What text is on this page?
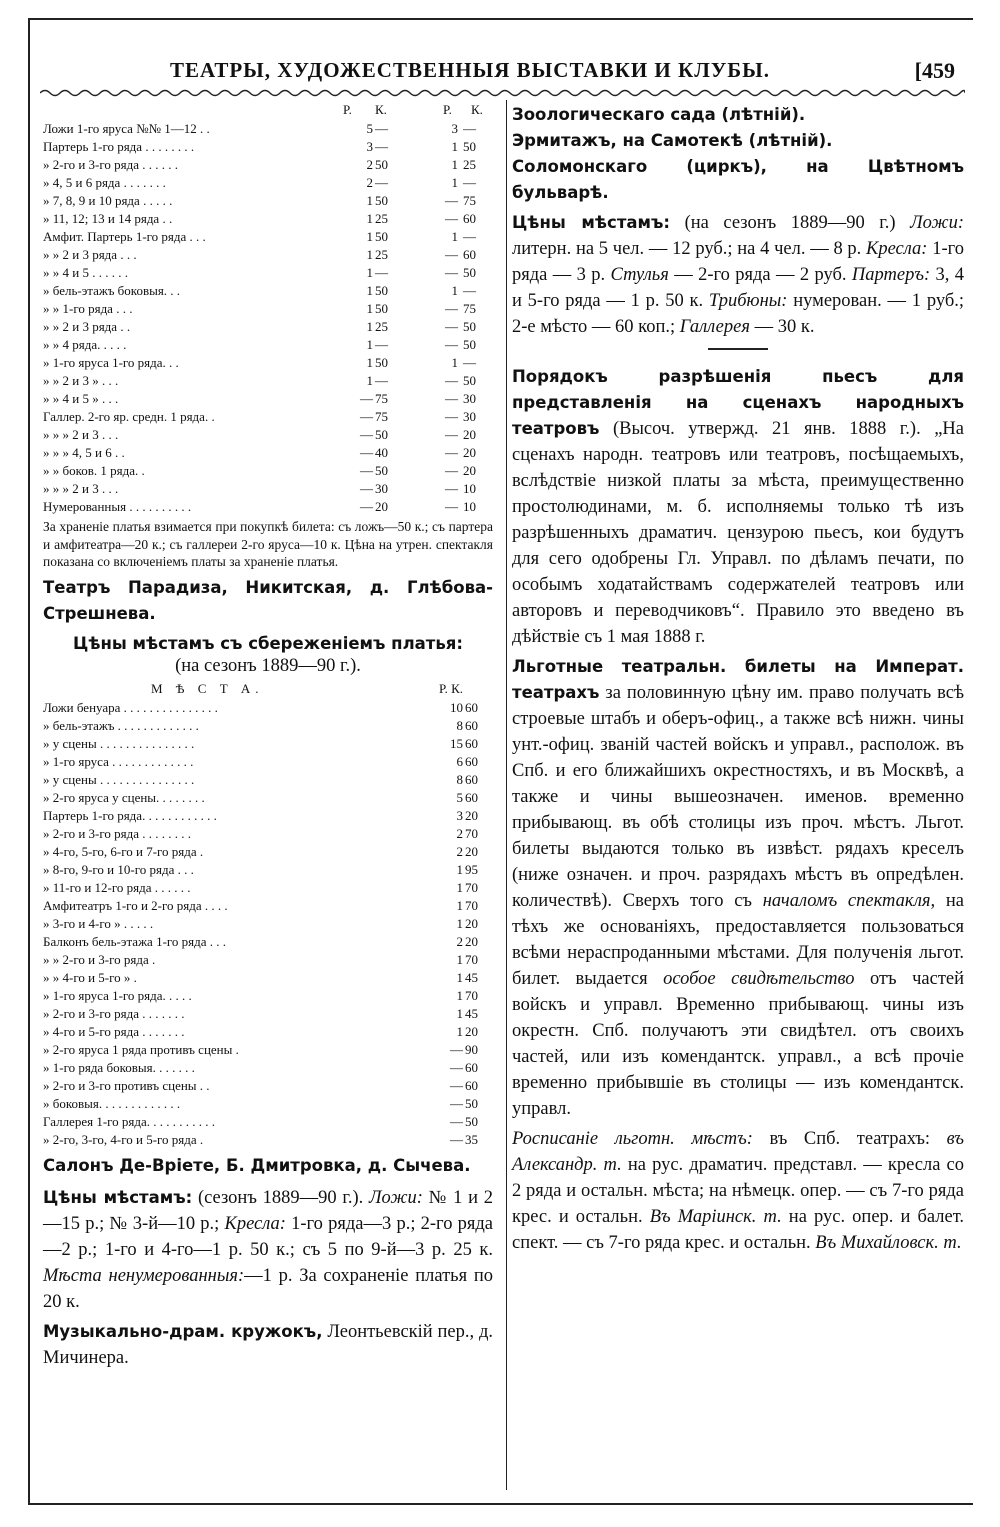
ТЕАТРЫ, ХУДОЖЕСТВЕННЫЯ ВЫСТАВКИ И КЛУБЫ.	[459
Р. К.	Р. К.
Ложи 1-го яруса №№ 1—12 . .	5 —	3 —
Партерь 1-го ряда . . . . . . . .	3 —	1 50
» 2-го и 3-го ряда . . . . . .	2 50	1 25
» 4, 5 и 6 ряда . . . . . . .	2 —	1 —
» 7, 8, 9 и 10 ряда . . . . .	1 50	— 75
» 11, 12; 13 и 14 ряда . .	1 25	— 60
Амфит. Партерь 1-го ряда . . .	1 50	1 —
» » 2 и 3 ряда . . .	1 25	— 60
» » 4 и 5 . . . . . .	1 —	— 50
» бель-этажъ боковыя. . .	1 50	1 —
» » 1-го ряда . . .	1 50	— 75
» » 2 и 3 ряда . .	1 25	— 50
» » 4 ряда. . . . .	1 —	— 50
» 1-го яруса 1-го ряда. . .	1 50	1 —
» » 2 и 3 » . . .	1 —	— 50
» » 4 и 5 » . . .	— 75	— 30
Галлер. 2-го яр. средн. 1 ряда. .	— 75	— 30
» » » 2 и 3 . . .	— 50	— 20
» » » 4, 5 и 6 . .	— 40	— 20
» » боков. 1 ряда. .	— 50	— 20
» » » 2 и 3 . . .	— 30	— 10
Нумерованныя . . . . . . . . . .	— 20	— 10
За храненіе платья взимается при покупкѣ билета: съ ложъ—50 к.; съ партера и амфитеатра—20 к.; съ галлереи 2-го яруса—10 к. Цѣна на утрен. спектакля показана со включеніемъ платы за храненіе платья.
Театръ Парадиза, Никитская, д. Глѣбова-Стрешнева.
Цѣны мѣстамъ съ сбереженіемъ платья:
(на сезонъ 1889—90 г.).
М Ѣ С Т А.	Р. К.
Ложи бенуара . . . . . . . . . . . . . . .	10 60
» бель-этажъ . . . . . . . . . . . . .	8 60
» у сцены . . . . . . . . . . . . . . .	15 60
» 1-го яруса . . . . . . . . . . . . .	6 60
» у сцены . . . . . . . . . . . . . . .	8 60
» 2-го яруса у сцены. . . . . . . .	5 60
Партерь 1-го ряда. . . . . . . . . . . .	3 20
» 2-го и 3-го ряда . . . . . . . .	2 70
» 4-го, 5-го, 6-го и 7-го ряда .	2 20
» 8-го, 9-го и 10-го ряда . . .	1 95
» 11-го и 12-го ряда . . . . . .	1 70
Амфитеатръ 1-го и 2-го ряда . . . .	1 70
» 3-го и 4-го » . . . . .	1 20
Балконъ бель-этажа 1-го ряда . . .	2 20
» » 2-го и 3-го ряда .	1 70
» » 4-го и 5-го » .	1 45
» 1-го яруса 1-го ряда. . . . .	1 70
» 2-го и 3-го ряда . . . . . . .	1 45
» 4-го и 5-го ряда . . . . . . .	1 20
» 2-го яруса 1 ряда противъ сцены .	— 90
» 1-го ряда боковыя. . . . . . .	— 60
» 2-го и 3-го противъ сцены . .	— 60
» боковыя. . . . . . . . . . . . .	— 50
Галлерея 1-го ряда. . . . . . . . . . .	— 50
» 2-го, 3-го, 4-го и 5-го ряда .	— 35
Салонъ Де-Вріете, Б. Дмитровка, д. Сычева.
Цѣны мѣстамъ: (сезонъ 1889—90 г.). Ложи: № 1 и 2—15 р.; № 3-й—10 р.; Кресла: 1-го ряда—3 р.; 2-го ряда—2 р.; 1-го и 4-го—1 р. 50 к.; съ 5 по 9-й—3 р. 25 к. Мѣста ненумерованныя:—1 р. За сохраненіе платья по 20 к.
Музыкально-драм. кружокъ, Леонтьевскій пер., д. Мичинера.
Зоологическаго сада (лѣтній).
Эрмитажъ, на Самотекѣ (лѣтній).
Соломонскаго (циркъ), на Цвѣтномъ бульварѣ.
Цѣны мѣстамъ: (на сезонъ 1889—90 г.) Ложи: литерн. на 5 чел. — 12 руб.; на 4 чел. — 8 р. Кресла: 1-го ряда — 3 р. Стулья — 2-го ряда — 2 руб. Партеръ: 3, 4 и 5-го ряда — 1 р. 50 к. Трибюны: нумерован. — 1 руб.; 2-е мѣсто — 60 коп.; Галлерея — 30 к.
Порядокъ разрѣшенія пьесъ для представленія на сценахъ народныхъ театровъ (Высоч. утвержд. 21 янв. 1888 г.). „На сценахъ народн. театровъ или театровъ, посѣщаемыхъ, вслѣдствіе низкой платы за мѣста, преимущественно простолюдинами, м. б. исполняемы только тѣ изъ разрѣшенныхъ драматич. цензурою пьесъ, кои будутъ для сего одобрены Гл. Управл. по дѣламъ печати, по особымъ ходатайствамъ содержателей театровъ или авторовъ и переводчиковъ“. Правило это введено въ дѣйствіе съ 1 мая 1888 г.
Льготные театральн. билеты на Императ. театрахъ за половинную цѣну им. право получать всѣ строевые штабъ и оберъ-офиц., а также всѣ нижн. чины унт.-офиц. званій частей войскъ и управл., располож. въ Спб. и его ближайшихъ окрестностяхъ, и въ Москвѣ, а также и чины вышеозначен. именов. временно прибывающ. въ обѣ столицы изъ проч. мѣстъ. Льгот. билеты выдаются только въ извѣст. рядахъ креселъ (ниже означен. и проч. разрядахъ мѣстъ въ опредѣлен. количествѣ). Сверхъ того съ началомъ спектакля, на тѣхъ же основаніяхъ, предоставляется пользоваться всѣми нераспроданными мѣстами. Для полученія льгот. билет. выдается особое свидѣтельство отъ частей войскъ и управл. Временно прибывающ. чины изъ окрестн. Спб. получаютъ эти свидѣтел. отъ своихъ частей, или изъ комендантск. управл., а всѣ прочіе временно прибывшіе въ столицы — изъ комендантск. управл.
Росписаніе льготн. мѣстъ: въ Спб. театрахъ: въ Александр. т. на рус. драматич. представл. — кресла со 2 ряда и остальн. мѣста; на нѣмецк. опер. — съ 7-го ряда крес. и остальн. Въ Маріинск. т. на рус. опер. и балет. спект. — съ 7-го ряда крес. и остальн. Въ Михайловск. т.
